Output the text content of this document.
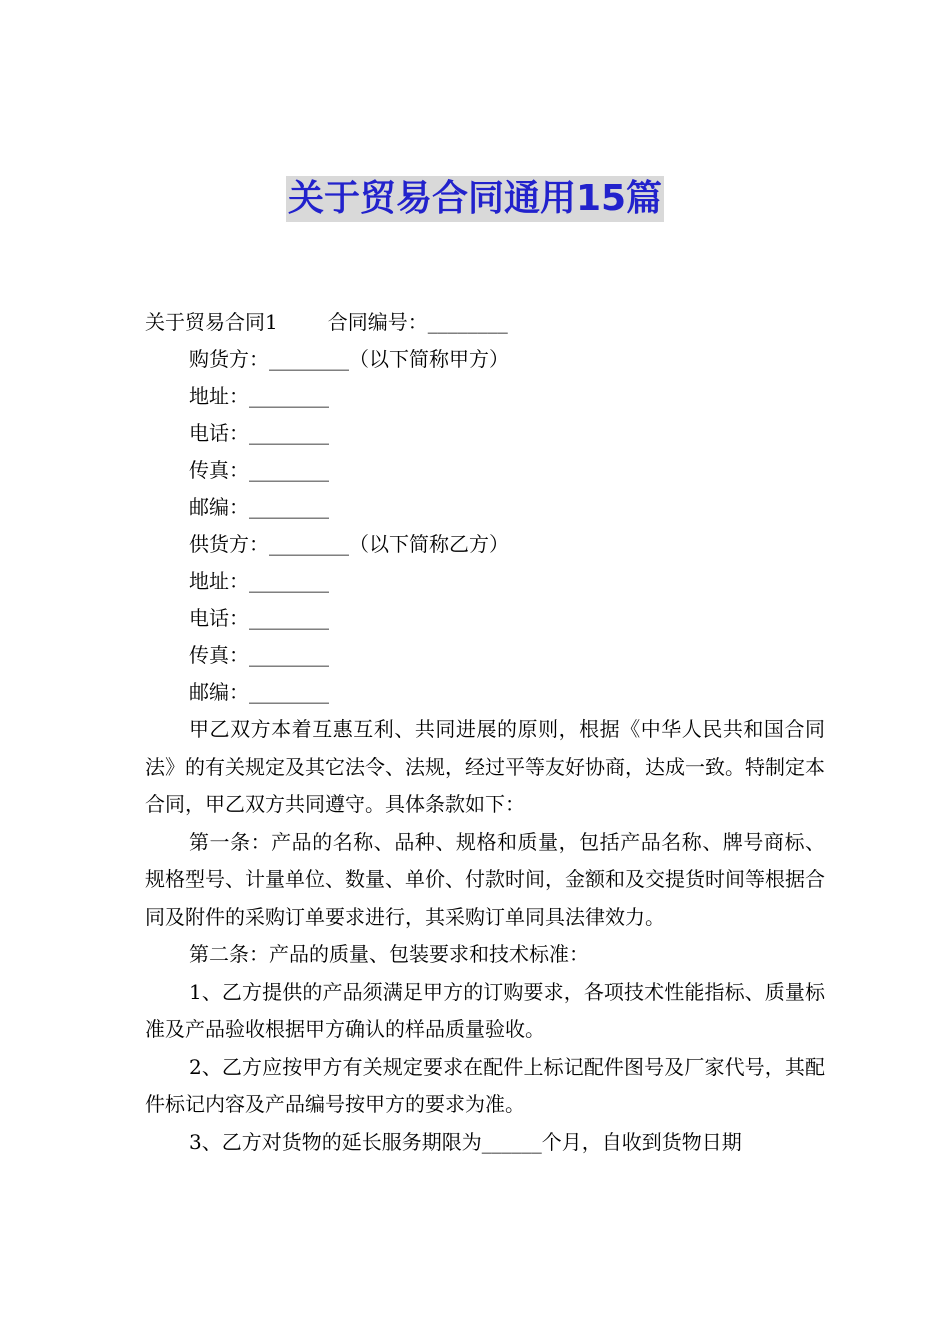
关于贸易合同通用15篇
关于贸易合同1	合同编号：________
购货方：________（以下简称甲方）
地址：________
电话：________
传真：________
邮编：________
供货方：________（以下简称乙方）
地址：________
电话：________
传真：________
邮编：________
甲乙双方本着互惠互利、共同进展的原则，根据《中华人民共和国合同法》的有关规定及其它法令、法规，经过平等友好协商，达成一致。特制定本合同，甲乙双方共同遵守。具体条款如下：
第一条：产品的名称、品种、规格和质量，包括产品名称、牌号商标、规格型号、计量单位、数量、单价、付款时间，金额和及交提货时间等根据合同及附件的采购订单要求进行，其采购订单同具法律效力。
第二条：产品的质量、包装要求和技术标准：
1、乙方提供的产品须满足甲方的订购要求，各项技术性能指标、质量标准及产品验收根据甲方确认的样品质量验收。
2、乙方应按甲方有关规定要求在配件上标记配件图号及厂家代号，其配件标记内容及产品编号按甲方的要求为准。
3、乙方对货物的延长服务期限为______个月，自收到货物日期
